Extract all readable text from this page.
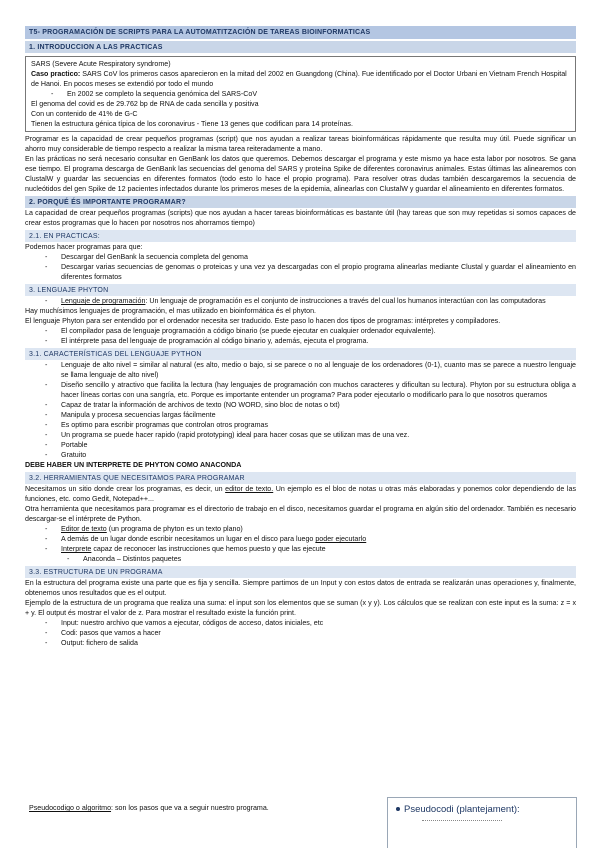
T5- PROGRAMACIÓN DE SCRIPTS PARA LA AUTOMATITZACIÓN DE TAREAS BIOINFORMATICAS
1. INTRODUCCION A LAS PRACTICAS

SARS (Severe Acute Respiratory syndrome)

Caso practico: SARS CoV los primeros casos aparecieron en la mitad del 2002 en Guangdong (China). Fue identificado por el Doctor Urbani en Vietnam French Hospital de Hanoi. En pocos meses se extendió por todo el mundo

- En 2002 se completo la sequencia genómica del SARS-CoV

El genoma del covid es de 29.762 bp de RNA de cada sencilla y positiva

Con un contenido de 41% de G-C

Tienen la estructura génica típica de los coronavirus - Tiene 13 genes que codifican para 14 proteínas.

Programar es la capacidad de crear pequeños programas (script) que nos ayudan a realizar tareas bioinformáticas rápidamente que resulta muy útil. Puede significar un ahorro muy considerable de tiempo respecto a realizar la misma tarea reiteradamente a mano.

En las prácticas no será necesario consultar en GenBank los datos que queremos. Debemos descargar el programa y este mismo ya hace esta labor por nosotros. Se gana ese tiempo. El programa descarga de GenBank las secuencias del genoma del SARS y proteína Spike de diferentes coronavirus animales. Estas últimas las alinearemos con ClustalW y guardar las secuencias en diferentes formatos (todo esto lo hace el propio programa). Para resolver otras dudas también descargaremos la secuencia de nucleótidos del gen Spike de 12 pacientes infectados durante los primeros meses de la epidemia, alinearlas con ClustalW y guardar el alineamiento en diferentes formatos.

2. PORQUÉ ÉS IMPORTANTE PROGRAMAR?

La capacidad de crear pequeños programas (scripts) que nos ayudan a hacer tareas bioinformáticas es bastante útil (hay tareas que son muy repetidas si somos capaces de crear estos programas que lo hacen por nosotros nos ahorramos tiempo)

2.1. EN PRACTICAS:

Podemos hacer programas para que:

- Descargar del GenBank la secuencia completa del genoma
- Descargar varias secuencias de genomas o proteicas y una vez ya descargadas con el propio programa alinearlas mediante Clustal y guardar el alineamiento en diferentes formatos
3. LENGUAJE PHYTON
- Lenguaje de programación: Un lenguaje de programación es el conjunto de instrucciones a través del cual los humanos interactúan con las computadoras

Hay muchísimos lenguajes de programación, el mas utilizado en bioinformática és el phyton.

El lenguaje Phyton para ser entendido por el ordenador necesita ser traducido. Este paso lo hacen dos tipos de programas: intérpretes y compiladores.

- El compilador pasa de lenguaje programación a código binario (se puede ejecutar en cualquier ordenador equivalente).
- El intérprete pasa del lenguaje de programación al código binario y, además, ejecuta el programa.
3.1. CARACTERÍSTICAS DEL LENGUAJE PYTHON
- Lenguaje de alto nivel = similar al natural (es alto, medio o bajo, si se parece o no al lenguaje de los ordenadores (0-1), cuanto mas se parece a nuestro lenguaje se llama lenguaje de alto nivel)
- Diseño sencillo y atractivo que facilita la lectura (hay lenguajes de programación con muchos caracteres y dificultan su lectura). Phyton por su estructura obliga a hacer líneas cortas con una sangría, etc. Porque es importante entender un programa? Para poder ejecutarlo o modificarlo para lo que nosotros queramos
- Capaz de tratar la información de archivos de texto (NO WORD, sino bloc de notas o txt)
- Manipula y procesa secuencias largas fácilmente
- Es optimo para escribir programas que controlan otros programas
- Un programa se puede hacer rapido (rapid prototyping) ideal para hacer cosas que se utilizan mas de una vez.
- Portable
- Gratuito

DEBE HABER UN INTERPRETE DE PHYTON COMO ANACONDA

3.2. HERRAMIENTAS QUE NECESITAMOS PARA PROGRAMAR

Necesitamos un sitio donde crear los programas, es decir, un editor de texto. Un ejemplo es el bloc de notas u otras más elaboradas y ponemos color dependiendo de las funciones, etc. como Gedit, Notepad++...

Otra herramienta que necesitamos para programar es el directorio de trabajo en el disco, necesitamos guardar el programa en algún sitio del ordenador. También es necesario descargar-se el intérprete de Python.

- Editor de texto (un programa de phyton es un texto plano)
- A demás de un lugar donde escribir necesitamos un lugar en el disco para luego poder ejecutarlo
- Interprete capaz de reconocer las instrucciones que hemos puesto y que las ejecute
- Anaconda – Distintos paquetes
3.3. ESTRUCTURA DE UN PROGRAMA

En la estructura del programa existe una parte que es fija y sencilla. Siempre partimos de un Input y con estos datos de entrada se realizarán unas operaciones y, finalmente, obtenemos unos resultados que es el output.

Ejemplo de la estructura de un programa que realiza una suma: el input son los elementos que se suman (x y y). Los cálculos que se realizan con este input es la suma: z = x + y. El output és mostrar el valor de z. Para mostrar el resultado existe la función print.

- Input: nuestro archivo que vamos a ejecutar, códigos de acceso, datos iniciales, etc
- Codi: pasos que vamos a hacer
- Output: fichero de salida

Pseudocodigo o algoritmo: son los pasos que va a seguir nuestro programa.	Pseudocodi (plantejament):
